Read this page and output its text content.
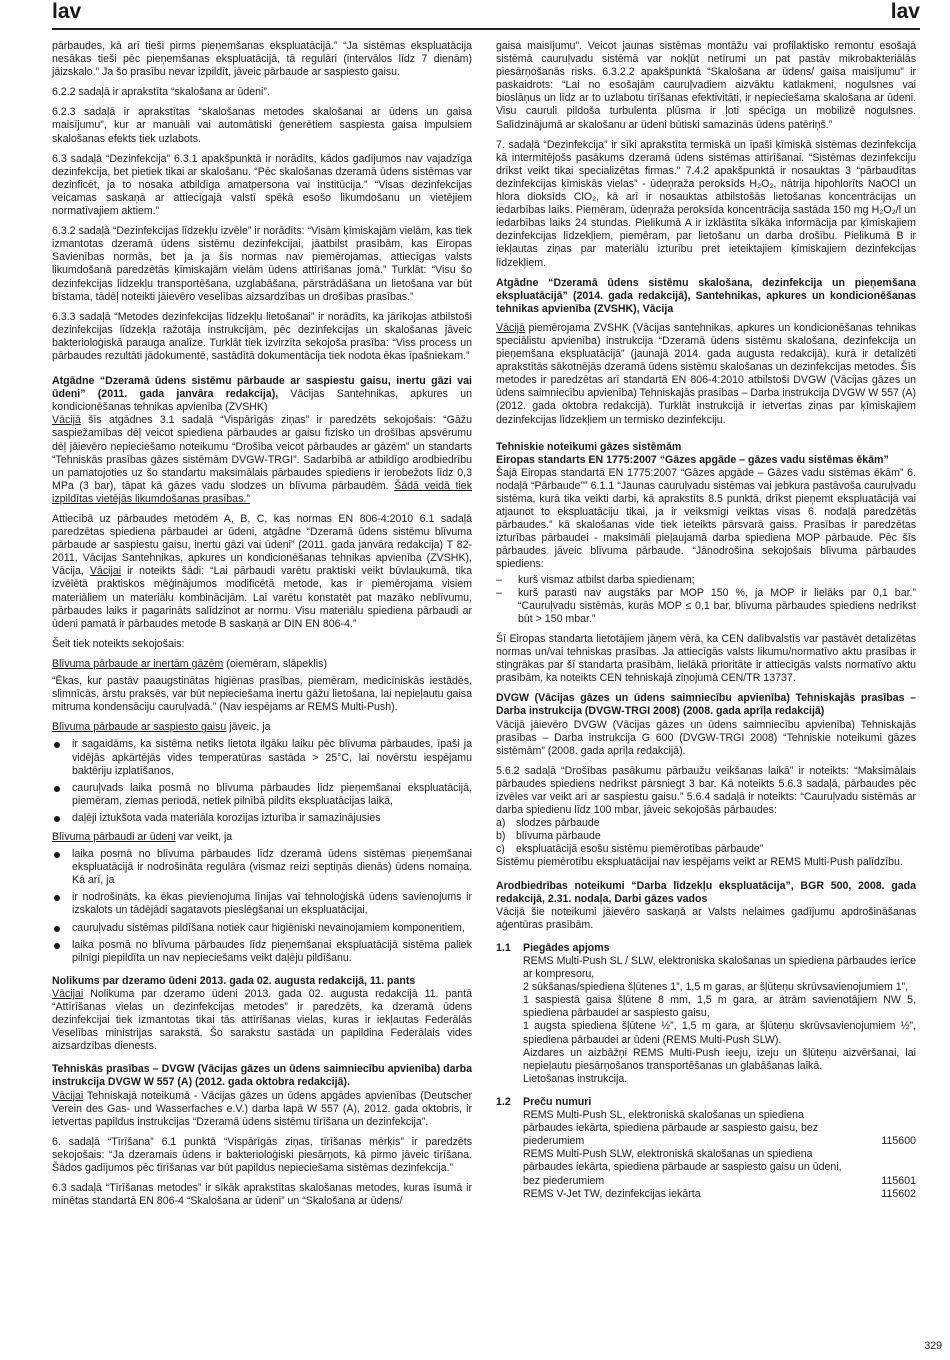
lav	lav

pārbaudes, kā arī tieši pirms pieņemšanas ekspluatācijā.” “Ja sistēmas ekspluatācija nesākas tieši pēc pieņemšanas ekspluatācijā, tā regulāri (intervālos līdz 7 dienām) jāizskalo.” Ja šo prasību nevar izpildīt, jāveic pārbaude ar saspiesto gaisu.

6.2.2 sadaļā ir aprakstīta “skalošana ar ūdeni”.

6.2.3 sadaļā ir aprakstītas “skalošanas metodes skalošanai ar ūdens un gaisa maisījumu”, kur ar manuāli vai automātiski ģenerētiem saspiesta gaisa impulsiem skalošanas efekts tiek uzlabots.

6.3 sadaļā “Dezinfekcija” 6.3.1 apakšpunktā ir norādīts, kādos gadījumos nav vajadzīga dezinfekcija, bet pietiek tikai ar skalošanu. “Pēc skalošanas dzeramā ūdens sistēmas var dezinficēt, ja to nosaka atbildīga amatpersona vai institūcija.” “Visas dezinfekcijas veicamas saskaņā ar attiecīgajā valstī spēkā esošo likumdošanu un vietējiem normatīvajiem aktiem.”

6.3.2 sadaļā “Dezinfekcijas līdzekļu izvēle” ir norādīts: “Visām ķīmiskajām vielām, kas tiek izmantotas dzeramā ūdens sistēmu dezinfekcijai, jāatbilst prasībām, kas Eiropas Savienības normās, bet ja ja šīs normas nav piemērojamas, attiecīgas valsts likumdošanā paredzētās ķīmiskajām vielām ūdens attīrīšanas jomā.” Turklāt: “Visu šo dezinfekcijas līdzekļu transportēšana, uzglabāšana, pārstrādāšana un lietošana var būt bīstama, tādēļ noteikti jāievēro veselības aizsardzības un drošības prasības.”

6.3.3 sadaļā “Metodes dezinfekcijas līdzekļu lietošanai” ir norādīts, ka jārīkojas atbilstoši dezinfekcijas līdzekļa ražotāja instrukcijām, pēc dezinfekcijas un skalošanas jāveic bakterioloģiskā parauga analīze. Turklāt tiek izvirzīta sekojoša prasība: “Viss process un pārbaudes rezultāti jādokumentē, sastādītā dokumentācija tiek nodota ēkas īpašniekam.”

Atgādne “Dzeramā ūdens sistēmu pārbaude ar saspiestu gaisu, inertu gāzi vai ūdeni” (2011. gada janvāra redakcija), Vācijas Santehnikas, apkures un kondicionēšanas tehnikas apvienība (ZVSHK)

Vācijā šīs atgādnes 3.1 sadaļā “Vispārīgās ziņas” ir paredzēts sekojošais: “Gāžu saspiežamības dēļ veicot spiediena pārbaudes ar gaisu fizisko un drošības apsvērumu dēļ jāievēro nepieciešamo noteikumu “Drošība veicot pārbaudes ar gāzēm” un standarts “Tehniskās prasības gāzes sistēmām DVGW-TRGI”. Sadarbībā ar atbildīgo arodbiedrību un pamatojoties uz šo standartu maksimālais pārbaudes spiediens ir ierobežots līdz 0,3 MPa (3 bar), tāpat kā gāzes vadu slodzes un blīvuma pārbaudēm. Šādā veidā tiek izpildītas vietējās likumdošanas prasības.”

Attiecībā uz pārbaudes metodēm A, B, C, kas normas EN 806-4:2010 6.1 sadaļā paredzētas spiediena pārbaudei ar ūdeni, atgādne “Dzeramā ūdens sistēmu blīvuma pārbaude ar saspiestu gaisu, inertu gāzi vai ūdeni” (2011. gada janvāra redakcija) T 82-2011, Vācijas Santehnikas, apkures un kondicionēšanas tehnikas apvienība (ZVSHK), Vācija, Vācijai ir noteikts šādi: “Lai pārbaudi varētu praktiski veikt būvlaukumā, tika izvēlētā praktiskos mēģinājumos modificētā metode, kas ir piemērojama visiem materiāliem un materiālu kombinācijām. Lai varētu konstatēt pat mazāko neblīvumu, pārbaudes laiks ir pagarināts salīdzinot ar normu. Visu materiālu spiediena pārbaudi ar ūdeni pamatā ir pārbaudes metode B saskaņā ar DIN EN 806-4.”

Šeit tiek noteikts sekojošais:

Blīvuma pārbaude ar inertām gāzēm (oiemēram, slāpeklis)

“Ēkas, kur pastāv paaugstinātas higiēnas prasības, piemēram, medicīniskās iestādēs, slimnīcās, ārstu praksēs, var būt nepieciešama inertu gāžu lietošana, lai nepieļautu gaisa mitruma kondensāciju cauruļvadā.” (Nav iespējams ar REMS Multi-Push).

Blīvuma pārbaude ar saspiesto gaisu jāveic, ja

ir sagaidāms, ka sistēma netiks lietota ilgāku laiku pēc blīvuma pārbaudes, īpaši ja vidējās apkārtējās vides temperatūras sastāda > 25°C, lai novērstu iespējamu baktēriju izplatīšanos,
cauruļvads laika posmā no blīvuma pārbaudes līdz pieņemšanai ekspluatācijā, piemēram, ziemas periodā, netiek pilnībā pildīts ekspluatācijas laikā,
daļēji iztukšota vada materiāla korozijas izturība ir samazinājusies

Blīvuma pārbaudi ar ūdeni var veikt, ja

laika posmā no blīvuma pārbaudes līdz dzeramā ūdens sistēmas pieņemšanai ekspluatācijā ir nodrošināta regulāra (vismaz reizi septiņās dienās) ūdens nomaiņa. Kā arī, ja
ir nodrošināts, ka ēkas pievienojuma līnijas vai tehnoloģiskā ūdens savienojums ir izskalots un tādējādi sagatavots pieslēgšanai un ekspluatācijai,
cauruļvadu sistēmas pildīšana notiek caur higiēniski nevainojamiem komponentiem,
laika posmā no blīvuma pārbaudes līdz pieņemšanai ekspluatācijā sistēma paliek pilnīgi piepildīta un nav nepieciešams veikt daļēju pildīšanu.
Nolikums par dzeramo ūdeni 2013. gada 02. augusta redakcijā, 11. pants

Vācijai Nolikuma par dzeramo ūdeni 2013. gada 02. augusta redakcijā 11. pantā “Attīrīšanas vielas un dezinfekcijas metodes” ir paredzēts, ka dzeramā ūdens dezinfekcijai tiek izmantotas tikai tās attīrīšanas vielas, kuras ir iekļautas Federālās Veselības ministrijas sarakstā. Šo sarakstu sastāda un papildina Federālais vides aizsardzības dienests.

Tehniskās prasības – DVGW (Vācijas gāzes un ūdens saimniecību apvienība) darba instrukcija DVGW W 557 (A) (2012. gada oktobra redakcijā).

Vācijai Tehniskajā noteikumā - Vācijas gāzes un ūdens apgādes apvienības (Deutscher Verein des Gas- und Wasserfaches e.V.) darba lapā W 557 (A), 2012. gada oktobris, ir ietvertas papildus instrukcijas “Dzeramā ūdens sistēmu tīrīšana un dezinfekcija”.

6. sadaļā “Tīrīšana” 6.1 punktā “Vispārīgās ziņas, tīrīšanas mērķis” ir paredzēts sekojošais: “Ja dzeramais ūdens ir bakterioloģiski piesārņots, kā pirmo jāveic tīrīšana. Šādos gadījumos pēc tīrīšanas var būt papildus nepieciešama sistēmas dezinfekcija.”

6.3 sadaļā “Tīrīšanas metodes” ir sīkāk aprakstītas skalošanas metodes, kuras īsumā ir minētas standartā EN 806-4 “Skalošana ar ūdeni” un “Skalošana ar ūdens/

gaisa maisījumu”. Veicot jaunas sistēmas montāžu vai profilaktisko remontu esošajā sistēmā cauruļvadu sistēmā var nokļūt netīrumi un pat pastāv mikrobakteriālās piesārņošanās risks. 6.3.2.2 apakšpunktā “Skalošana ar ūdens/ gaisa maisījumu” ir paskaidrots: “Lai no esošajām cauruļvadiem aizvāktu katlakmeni, nogulsnes vai bioslāņus un līdz ar to uzlabotu tīrīšanas efektivitāti, ir nepieciešama skalošana ar ūdeni. Visu cauruli pildoša turbulenta plūsma ir ļoti spēcīga un mobilizē nogulsnes. Salīdzinājumā ar skalošanu ar ūdeni būtiski samazinās ūdens patēriņš.”

7. sadaļā “Dezinfekcija” ir sīki aprakstīta termiskā un īpaši ķīmiskā sistēmas dezinfekcija kā intermitējošs pasākums dzeramā ūdens sistēmas attīrīšanai. “Sistēmas dezinfekciju drīkst veikt tikai specializētas firmas.” 7.4.2 apakšpunktā ir nosauktas 3 “pārbaudītas dezinfekcijas ķīmiskās vielas” - ūdeņraža peroksīds H₂O₂, nātrija hipohlorīts NaOCl un hlora dioksīds ClO₂, kā arī ir nosauktas atbilstošās lietošanas koncentrācijas un iedarbības laiks. Piemēram, ūdeņraža peroksīda koncentrācija sastāda 150 mg H₂O₂/l un iedarbības laiks 24 stundas. Pielikumā A ir izklāstīta sīkāka informācija par ķīmiskajiem dezinfekcijas līdzekļiem, piemēram, par lietošanu un darba drošību. Pielikumā B ir iekļautas ziņas par materiālu izturību pret ieteiktajiem ķīmiskajiem dezinfekcijas līdzekļiem.

Atgādne “Dzeramā ūdens sistēmu skalošana, dezinfekcija un pieņemšana ekspluatācijā” (2014. gada redakcijā), Santehnikas, apkures un kondicionēšanas tehnikas apvienība (ZVSHK), Vācija

Vācijā piemērojama ZVSHK (Vācijas santehnikas, apkures un kondicionēšanas tehnikas speciālistu apvienība) instrukcija “Dzeramā ūdens sistēmu skalošana, dezinfekcija un pieņemšana ekspluatācijā” (jaunajā 2014. gada augusta redakcijā), kurā ir detalizēti aprakstītās sākotnējās dzeramā ūdens sistēmu skalošanas un dezinfekcijas metodes. Šīs metodes ir paredzētas arī standartā EN 806-4:2010 atbilstoši DVGW (Vācijas gāzes un ūdens saimniecību apvienība) Tehniskajās prasības – Darba instrukcija DVGW W 557 (A) (2012. gada oktobra redakcijā). Turklāt instrukcijā ir ietvertas ziņas par ķīmiskajiem dezinfekcijas līdzekļiem un termisko dezinfekciju.

Tehniskie noteikumi gāzes sistēmām
Eiropas standarts EN 1775:2007 “Gāzes apgāde – gāzes vadu sistēmas ēkām”

Šajā Eiropas standartā EN 1775:2007 “Gāzes apgāde – Gāzes vadu sistēmas ēkām” 6. nodaļā “Pārbaude”” 6.1.1 “Jaunas cauruļvadu sistēmas vai jebkura pastāvoša cauruļvadu sistēma, kurā tika veikti darbi, kā aprakstīts 8.5 punktā, drīkst pieņemt ekspluatācijā vai atjaunot to ekspluatāciju tikai, ja ir veiksmīgi veiktas visas 6. nodaļā paredzētās pārbaudes.” kā skalošanas vide tiek ieteikts pārsvarā gaiss. Prasības ir paredzētas izturības pārbaudei - maksimāli pieļaujamā darba spiediena MOP pārbaude. Pēc šīs pārbaudes jāveic blīvuma pārbaude. “Jānodrošina sekojošais blīvuma pārbaudes spiediens:

– kurš vismaz atbilst darba spiedienam;
– kurš parasti nav augstāks par MOP 150 %, ja MOP ir lielāks par 0,1 bar.” “Cauruļvadu sistēmās, kurās MOP ≤ 0,1 bar, blīvuma pārbaudes spiediens nedrīkst būt > 150 mbar.”

Šī Eiropas standarta lietotājiem jāņem vērā, ka CEN dalībvalstīs var pastāvēt detalizētas normas un/vai tehniskas prasības. Ja attiecīgās valsts likumu/normatīvo aktu prasības ir stingrākas par šī standarta prasībām, lielākā prioritāte ir attiecīgās valsts normatīvo aktu prasībām, ka noteikts CEN tehniskajā ziņojumā CEN/TR 13737.

DVGW (Vācijas gāzes un ūdens saimniecību apvienība) Tehniskajās prasības – Darba instrukcija (DVGW-TRGI 2008) (2008. gada aprīļa redakcijā)

Vācijā jāievēro DVGW (Vācijas gāzes un ūdens saimniecību apvienība) Tehniskajās prasības – Darba instrukcija G 600 (DVGW-TRGI 2008) “Tehniskie noteikumi gāzes sistēmām” (2008. gada aprīļa redakcijā).

5.6.2 sadaļā “Drošības pasākumu pārbaužu veikšanas laikā” ir noteikts: “Maksimālais pārbaudes spiediens nedrīkst pārsniegt 3 bar. Kā noteikts 5.6.3 sadaļā, pārbaudes pēc izvēles var veikt arī ar saspiestu gaisu.” 5.6.4 sadaļā ir noteikts: “Cauruļvadu sistēmās ar darba spiedienu līdz 100 mbar, jāveic sekojošās pārbaudes:

a) slodzes pārbaude
b) blīvuma pārbaude
c)	ekspluatācijā esošu sistēmu piemērotības pārbaude”

Sistēmu piemērotību ekspluatācijai nav iespējams veikt ar REMS Multi-Push palīdzību.

Arodbiedrības noteikumi “Darba līdzekļu ekspluatācija”, BGR 500, 2008. gada redakcijā, 2.31. nodaļa, Darbi gāzes vados

Vācijā šie noteikumi jāievēro saskaņā ar Valsts nelaimes gadījumu apdrošināšanas aģentūras prasībām.

1.1	Piegādes apjoms
REMS Multi-Push SL / SLW, elektroniska skalošanas un spiediena pārbaudes ierīce ar kompresoru,
2 sūkšanas/spiediena šļūtenes 1”, 1,5 m garas, ar šļūteņu skrūvsavienojumiem 1”,
1 saspiestā gaisa šļūtene 8 mm, 1,5 m gara, ar ātrām savienotājiem NW 5, spiediena pārbaudei ar saspiesto gaisu,
1 augsta spiediena šļūtene ½”, 1,5 m gara, ar šļūteņu skrūvsavienojumiem ½”, spiediena pārbaudei ar ūdeni (REMS Multi-Push SLW).
Aizdares un aizbāžņi REMS Multi-Push ieeju, izeju un šļūteņu aizvēršanai, lai nepieļautu piesārņošanos transportēšanas un glabāšanas laikā.
Lietošanas instrukcija.
1.2	Preču numuri
REMS Multi-Push SL, elektroniskā skalošanas un spiediena pārbaudes iekārta, spiediena pārbaude ar saspiesto gaisu, bez piederumiem	115600
REMS Multi-Push SLW, elektroniskā skalošanas un spiediena pārbaudes iekārta, spiediena pārbaude ar saspiesto gaisu un ūdeni, bez piederumiem	115601
REMS V-Jet TW, dezinfekcijas iekārta	115602
329
